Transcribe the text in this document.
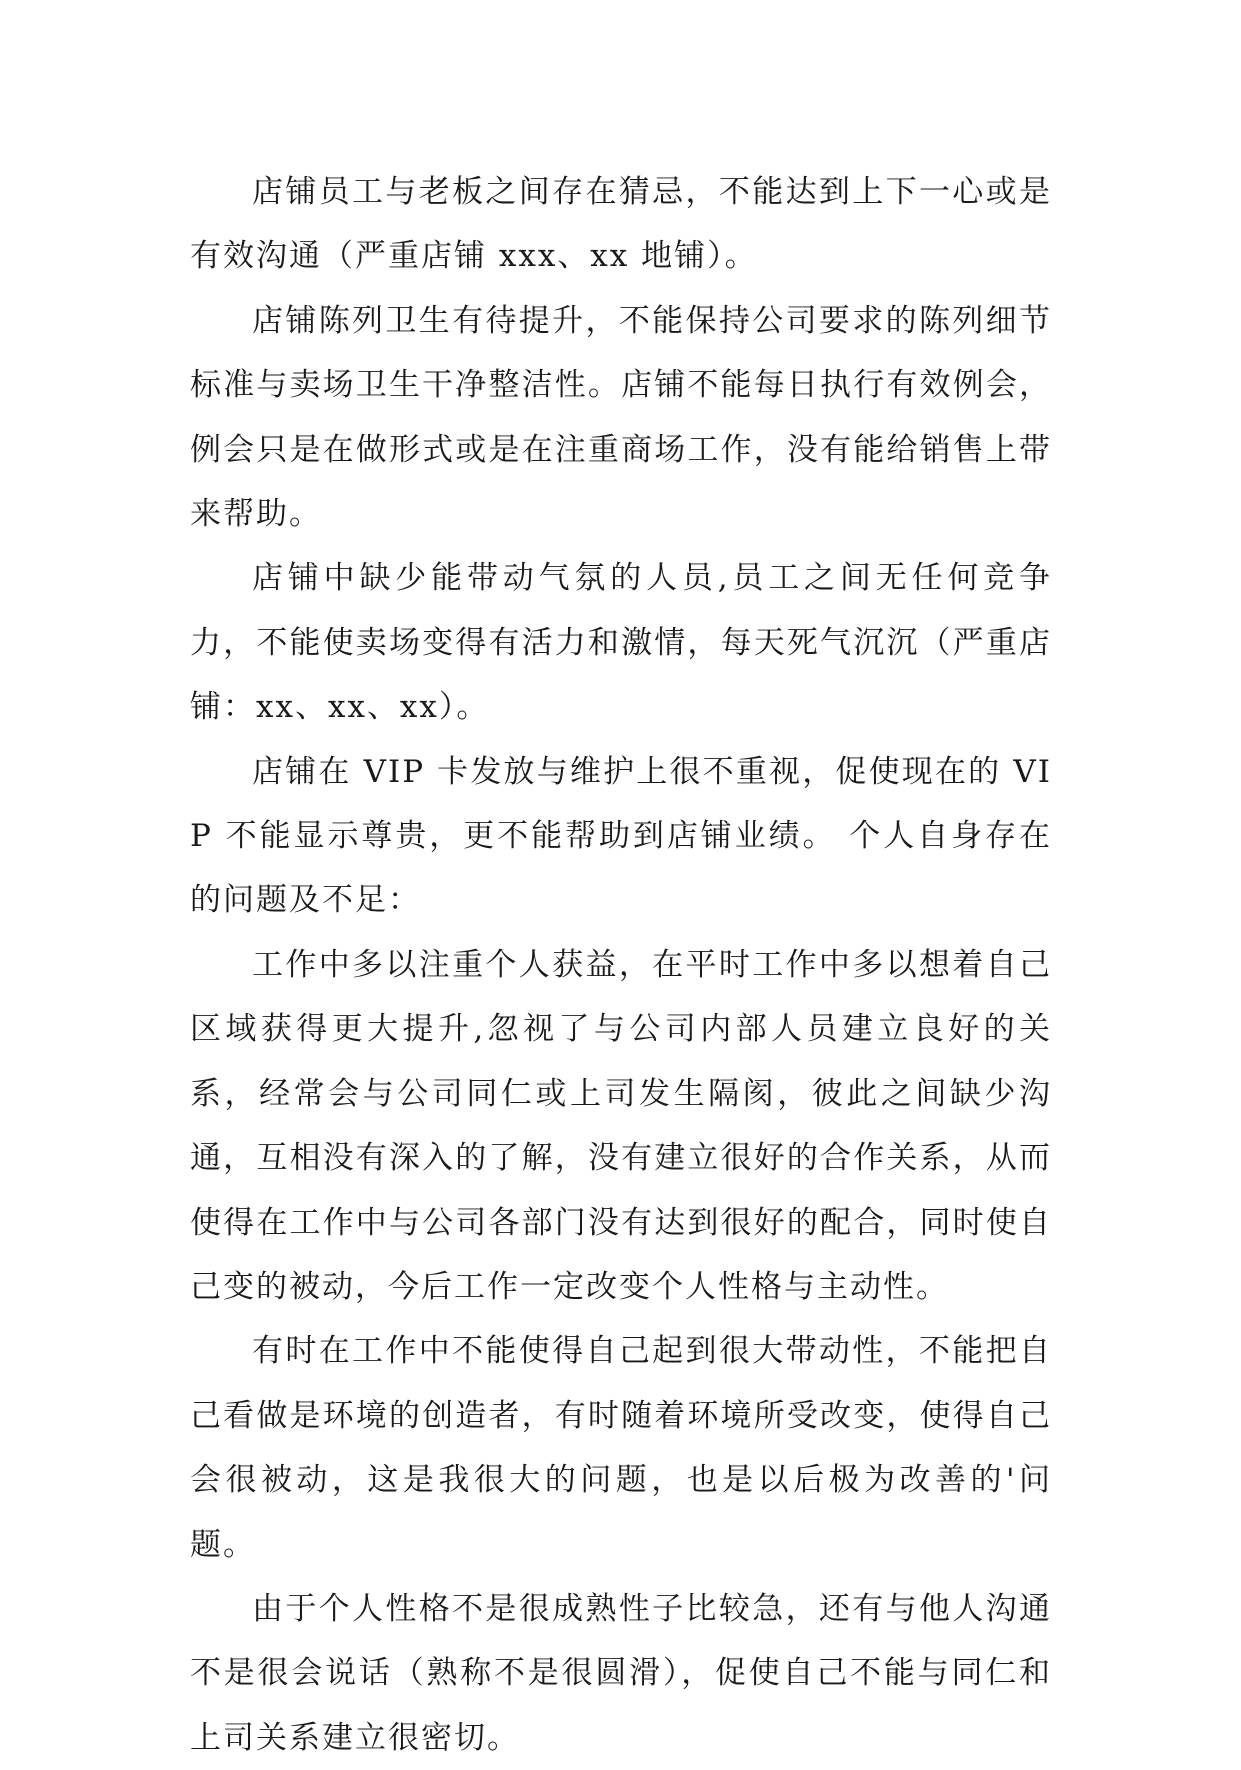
店铺员工与老板之间存在猜忌，不能达到上下一心或是有效沟通（严重店铺 xxx、xx 地铺）。

店铺陈列卫生有待提升，不能保持公司要求的陈列细节标准与卖场卫生干净整洁性。店铺不能每日执行有效例会，例会只是在做形式或是在注重商场工作，没有能给销售上带来帮助。

店铺中缺少能带动气氛的人员,员工之间无任何竞争力，不能使卖场变得有活力和激情，每天死气沉沉（严重店铺：xx、xx、xx）。

店铺在 VIP 卡发放与维护上很不重视，促使现在的 VIP 不能显示尊贵，更不能帮助到店铺业绩。 个人自身存在的问题及不足：

工作中多以注重个人获益，在平时工作中多以想着自己区域获得更大提升,忽视了与公司内部人员建立良好的关系，经常会与公司同仁或上司发生隔阂，彼此之间缺少沟通，互相没有深入的了解，没有建立很好的合作关系，从而使得在工作中与公司各部门没有达到很好的配合，同时使自己变的被动，今后工作一定改变个人性格与主动性。

有时在工作中不能使得自己起到很大带动性，不能把自己看做是环境的创造者，有时随着环境所受改变，使得自己会很被动，这是我很大的问题，也是以后极为改善的'问题。

由于个人性格不是很成熟性子比较急，还有与他人沟通不是很会说话（熟称不是很圆滑），促使自己不能与同仁和上司关系建立很密切。
